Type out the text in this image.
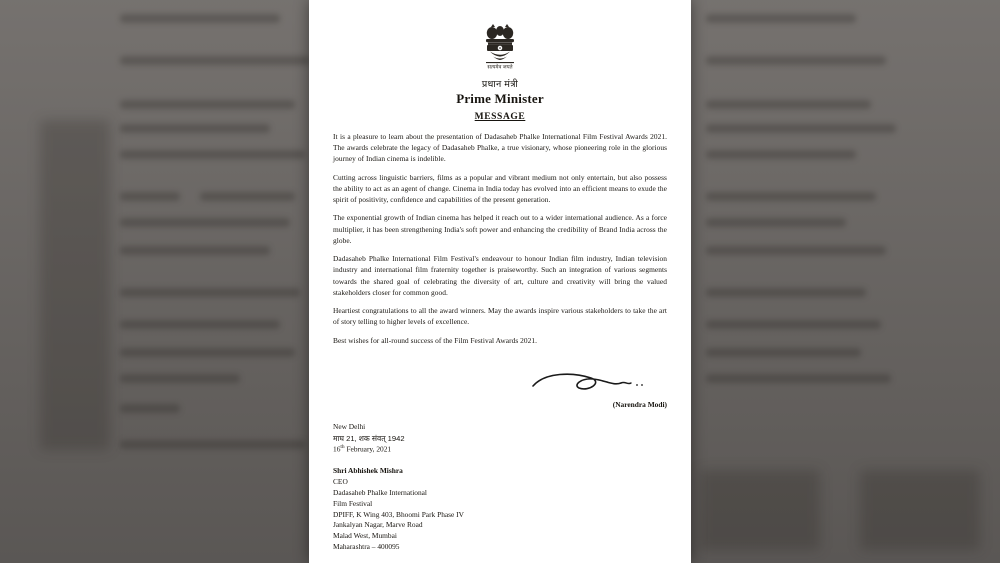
सत्यमेव जयते
प्रधान मंत्री
Prime Minister
MESSAGE

It is a pleasure to learn about the presentation of Dadasaheb Phalke International Film Festival Awards 2021. The awards celebrate the legacy of Dadasaheb Phalke, a true visionary, whose pioneering role in the glorious journey of Indian cinema is indelible.

Cutting across linguistic barriers, films as a popular and vibrant medium not only entertain, but also possess the ability to act as an agent of change. Cinema in India today has evolved into an efficient means to exude the spirit of positivity, confidence and capabilities of the present generation.

The exponential growth of Indian cinema has helped it reach out to a wider international audience. As a force multiplier, it has been strengthening India's soft power and enhancing the credibility of Brand India across the globe.

Dadasaheb Phalke International Film Festival's endeavour to honour Indian film industry, Indian television industry and international film fraternity together is praiseworthy. Such an integration of various segments towards the shared goal of celebrating the diversity of art, culture and creativity will bring the valued stakeholders closer for common good.

Heartiest congratulations to all the award winners. May the awards inspire various stakeholders to take the art of story telling to higher levels of excellence.

Best wishes for all-round success of the Film Festival Awards 2021.

(Narendra Modi)
New Delhi
माघ 21, शक संवत् 1942
16th February, 2021
Shri Abhishek Mishra
CEO
Dadasaheb Phalke International
Film Festival
DPIFF, K Wing 403, Bhoomi Park Phase IV
Jankalyan Nagar, Marve Road
Malad West, Mumbai
Maharashtra – 400095
